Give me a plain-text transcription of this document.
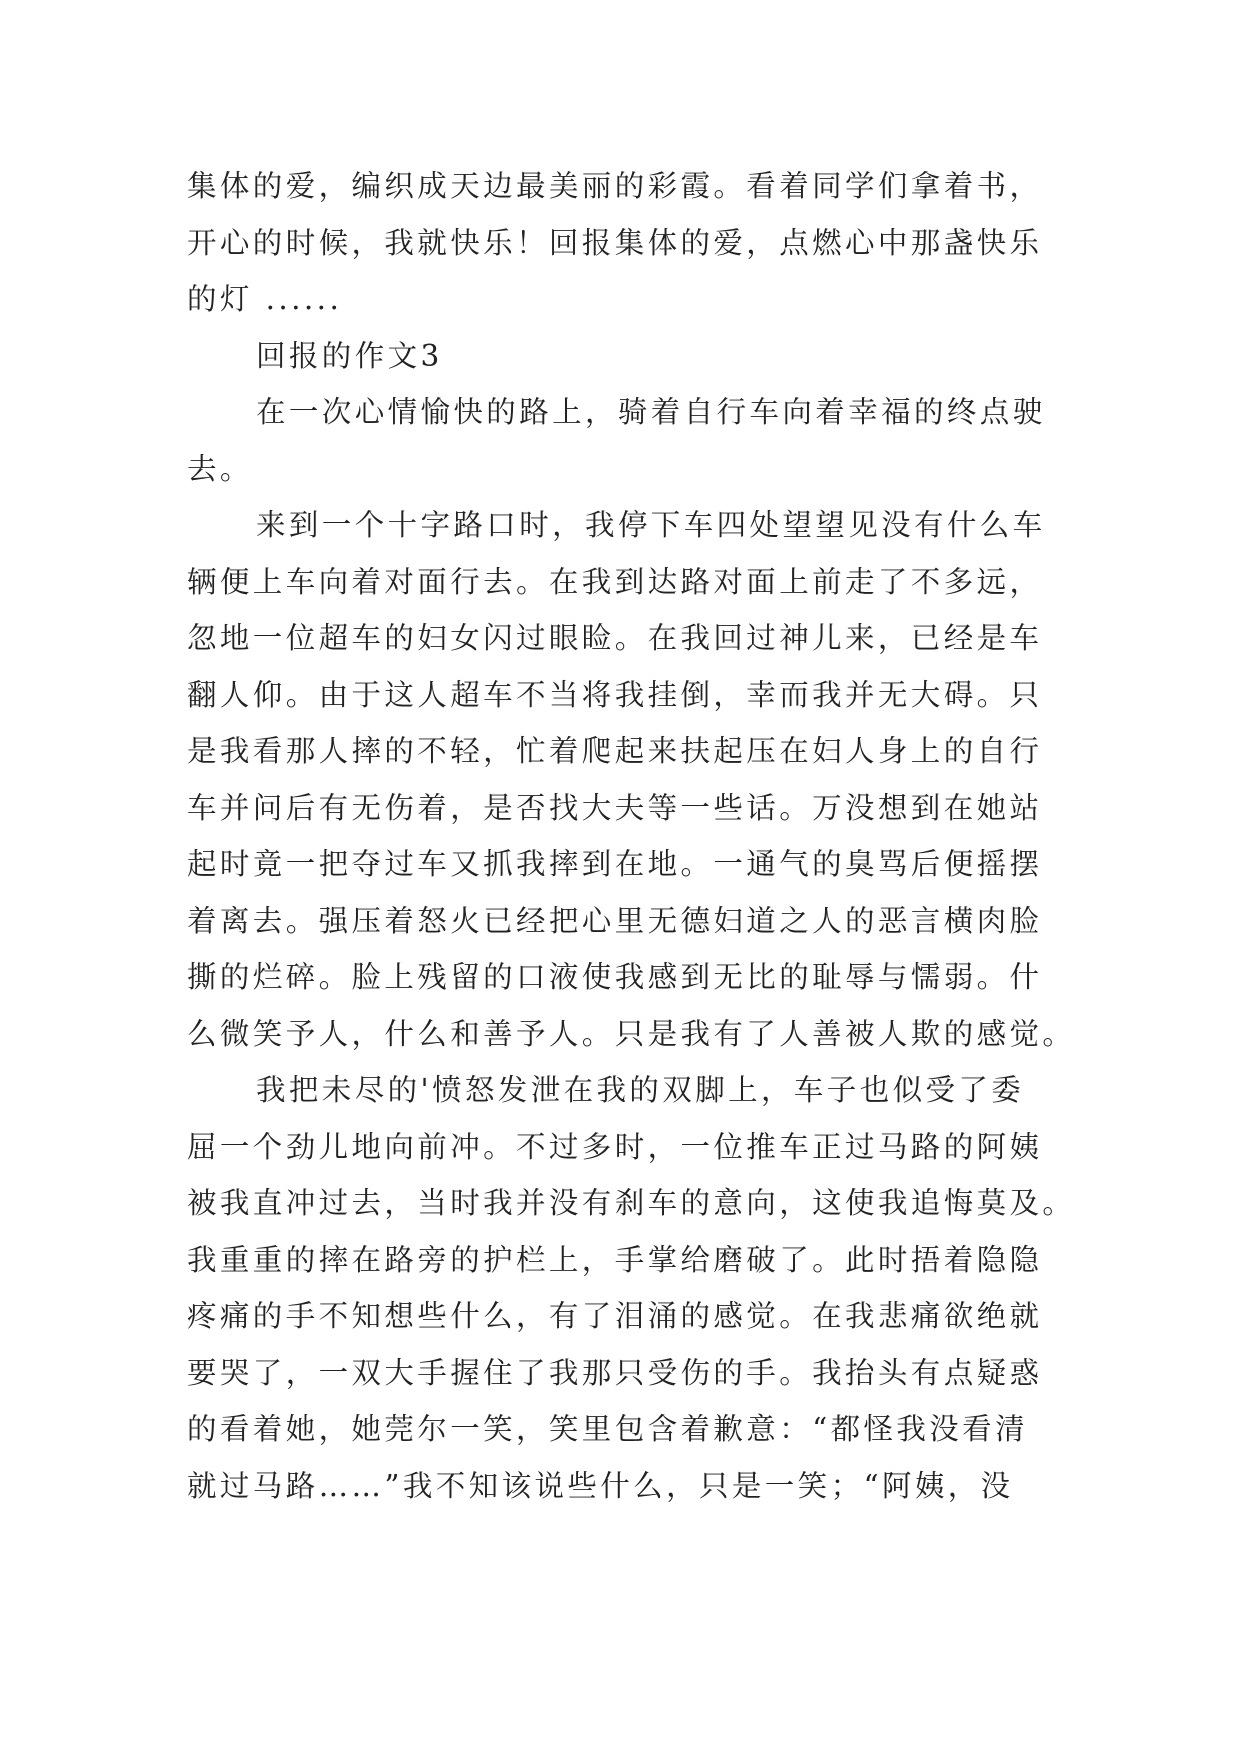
集体的爱，编织成天边最美丽的彩霞。看着同学们拿着书，
开心的时候，我就快乐！回报集体的爱，点燃心中那盏快乐
的灯 ......
回报的作文3
在一次心情愉快的路上，骑着自行车向着幸福的终点驶
去。
来到一个十字路口时，我停下车四处望望见没有什么车
辆便上车向着对面行去。在我到达路对面上前走了不多远，
忽地一位超车的妇女闪过眼睑。在我回过神儿来，已经是车
翻人仰。由于这人超车不当将我挂倒，幸而我并无大碍。只
是我看那人摔的不轻，忙着爬起来扶起压在妇人身上的自行
车并问后有无伤着，是否找大夫等一些话。万没想到在她站
起时竟一把夺过车又抓我摔到在地。一通气的臭骂后便摇摆
着离去。强压着怒火已经把心里无德妇道之人的恶言横肉脸
撕的烂碎。脸上残留的口液使我感到无比的耻辱与懦弱。什
么微笑予人，什么和善予人。只是我有了人善被人欺的感觉。
我把未尽的'愤怒发泄在我的双脚上，车子也似受了委
屈一个劲儿地向前冲。不过多时，一位推车正过马路的阿姨
被我直冲过去，当时我并没有刹车的意向，这使我追悔莫及。
我重重的摔在路旁的护栏上，手掌给磨破了。此时捂着隐隐
疼痛的手不知想些什么，有了泪涌的感觉。在我悲痛欲绝就
要哭了，一双大手握住了我那只受伤的手。我抬头有点疑惑
的看着她，她莞尔一笑，笑里包含着歉意：“都怪我没看清
就过马路……”我不知该说些什么，只是一笑；“阿姨，没
